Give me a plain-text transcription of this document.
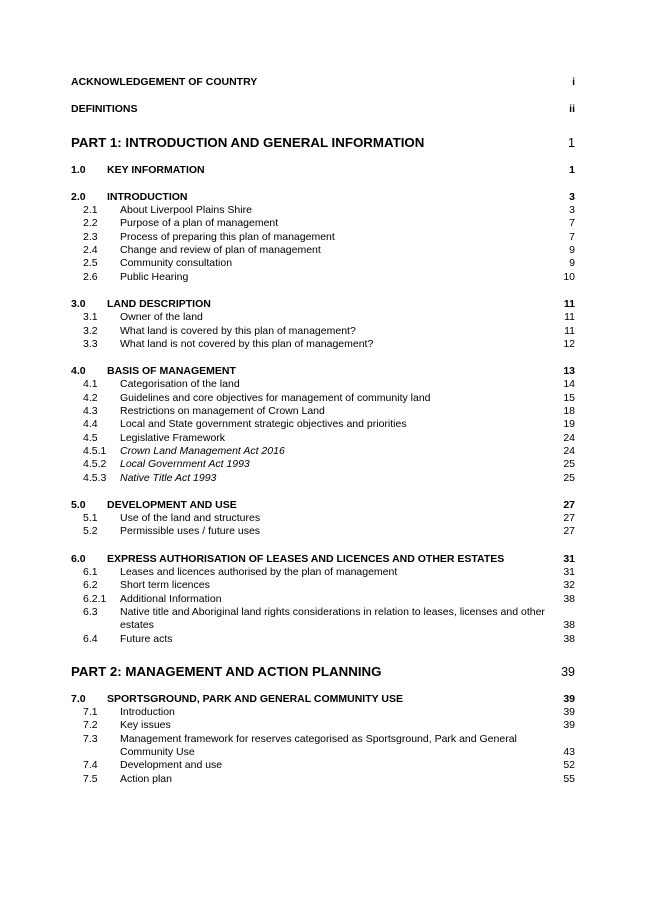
ACKNOWLEDGEMENT OF COUNTRY	i
DEFINITIONS	ii
PART 1: INTRODUCTION AND GENERAL INFORMATION	1
1.0 KEY INFORMATION	1
2.0 INTRODUCTION	3
2.1 About Liverpool Plains Shire	3
2.2 Purpose of a plan of management	7
2.3 Process of preparing this plan of management	7
2.4 Change and review of plan of management	9
2.5 Community consultation	9
2.6 Public Hearing	10
3.0 LAND DESCRIPTION	11
3.1 Owner of the land	11
3.2 What land is covered by this plan of management?	11
3.3 What land is not covered by this plan of management?	12
4.0 BASIS OF MANAGEMENT	13
4.1 Categorisation of the land	14
4.2 Guidelines and core objectives for management of community land	15
4.3 Restrictions on management of Crown Land	18
4.4 Local and State government strategic objectives and priorities	19
4.5 Legislative Framework	24
4.5.1 Crown Land Management Act 2016	24
4.5.2 Local Government Act 1993	25
4.5.3 Native Title Act 1993	25
5.0 DEVELOPMENT AND USE	27
5.1 Use of the land and structures	27
5.2 Permissible uses / future uses	27
6.0 EXPRESS AUTHORISATION OF LEASES AND LICENCES AND OTHER ESTATES	31
6.1 Leases and licences authorised by the plan of management	31
6.2 Short term licences	32
6.2.1 Additional Information	38
6.3 Native title and Aboriginal land rights considerations in relation to leases, licenses and other estates	38
6.4 Future acts	38
PART 2: MANAGEMENT AND ACTION PLANNING	39
7.0 SPORTSGROUND, PARK AND GENERAL COMMUNITY USE	39
7.1 Introduction	39
7.2 Key issues	39
7.3 Management framework for reserves categorised as Sportsground, Park and General Community Use	43
7.4 Development and use	52
7.5 Action plan	55
